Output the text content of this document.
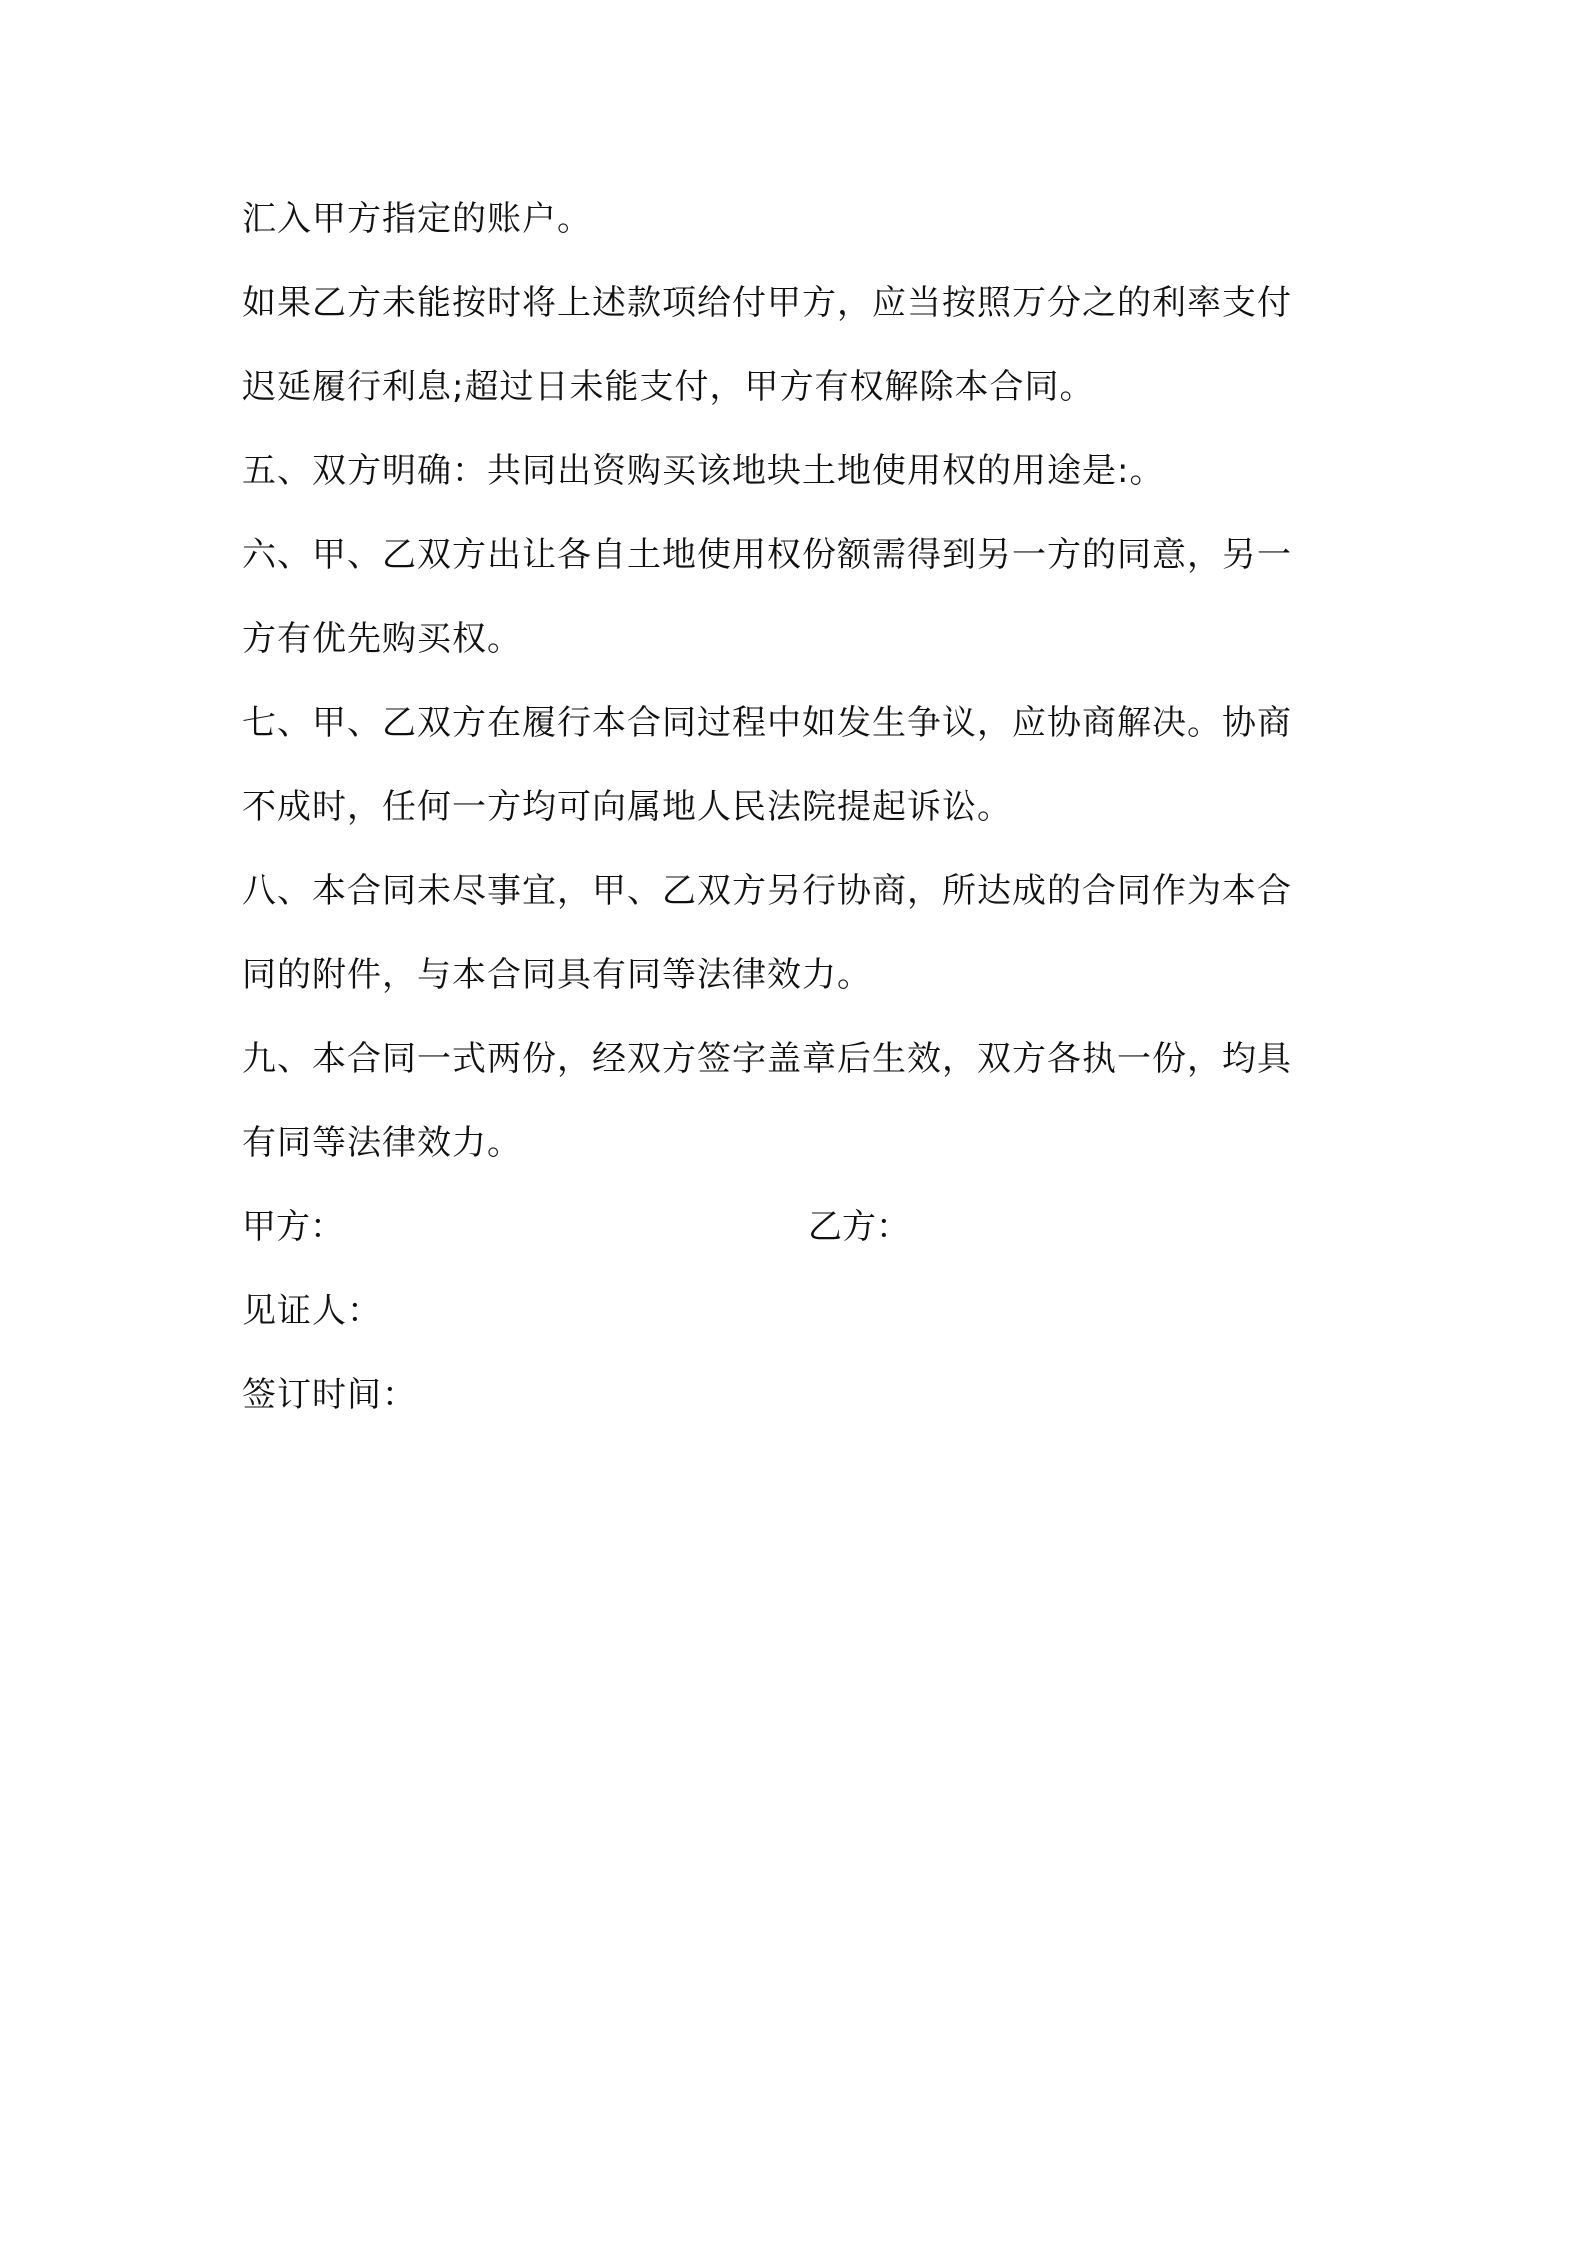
汇入甲方指定的账户。
如果乙方未能按时将上述款项给付甲方，应当按照万分之的利率支付
迟延履行利息;超过日未能支付，甲方有权解除本合同。
五、双方明确：共同出资购买该地块土地使用权的用途是:。
六、甲、乙双方出让各自土地使用权份额需得到另一方的同意，另一
方有优先购买权。
七、甲、乙双方在履行本合同过程中如发生争议，应协商解决。协商
不成时，任何一方均可向属地人民法院提起诉讼。
八、本合同未尽事宜，甲、乙双方另行协商，所达成的合同作为本合
同的附件，与本合同具有同等法律效力。
九、本合同一式两份，经双方签字盖章后生效，双方各执一份，均具
有同等法律效力。
甲方：	乙方：
见证人：
签订时间：
